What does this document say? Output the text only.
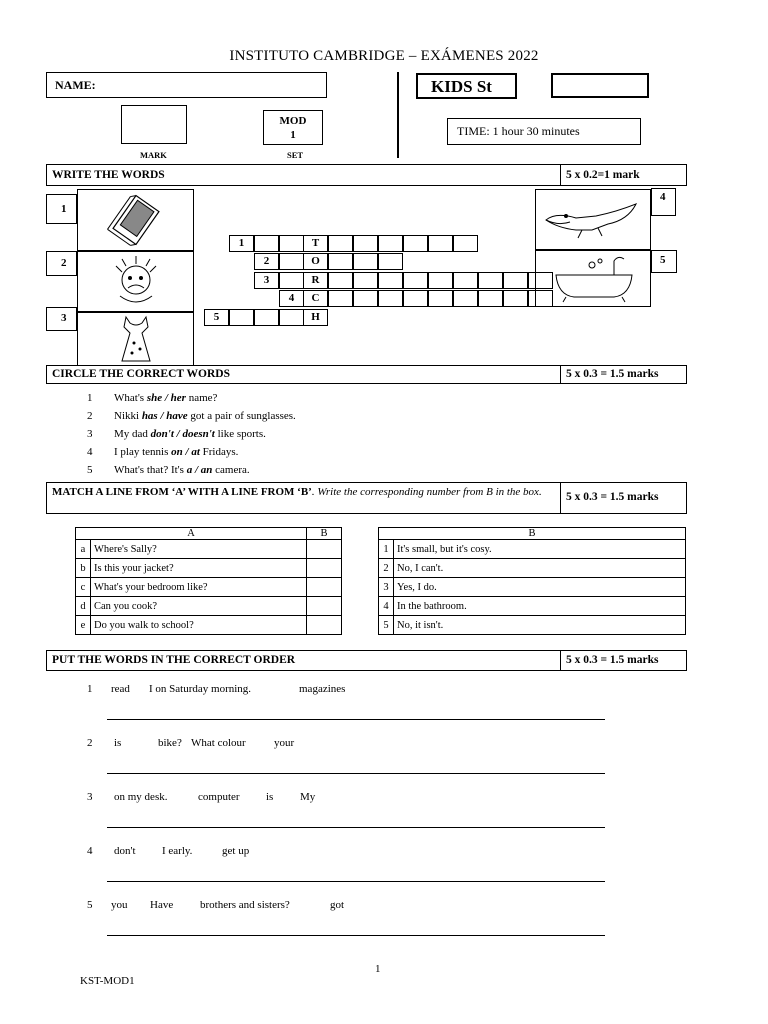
INSTITUTO CAMBRIDGE – EXÁMENES 2022
NAME:	KIDS St
MARK
MOD
1
SET
TIME: 1 hour 30 minutes
WRITE THE WORDS	5 x 0.2=1 mark
1
2
3
4
5
1	T
2	O
3	R
4	C
5	H
CIRCLE THE CORRECT WORDS	5 x 0.3 = 1.5 marks
1 What's she / her name?
2 Nikki has / have got a pair of sunglasses.
3 My dad don't / doesn't like sports.
4 I play tennis on / at Fridays.
5 What's that? It's a / an camera.
MATCH A LINE FROM ‘A’ WITH A LINE FROM ‘B’. Write the corresponding number from B in the box.	5 x 0.3 = 1.5 marks
A		B
a	Where's Sally?	
b	Is this your jacket?	
c	What's your bedroom like?	
d	Can you cook?	
e	Do you walk to school?	
B	
1	It's small, but it's cosy.
2	No, I can't.
3	Yes, I do.
4	In the bathroom.
5	No, it isn't.
PUT THE WORDS IN THE CORRECT ORDER	5 x 0.3 = 1.5 marks
1 read I on Saturday morning.	magazines
2 is	bike? What colour	your
3 on my desk.	computer is My
4 don't I early.	get up
5 you Have brothers and sisters?	got
1
KST-MOD1
